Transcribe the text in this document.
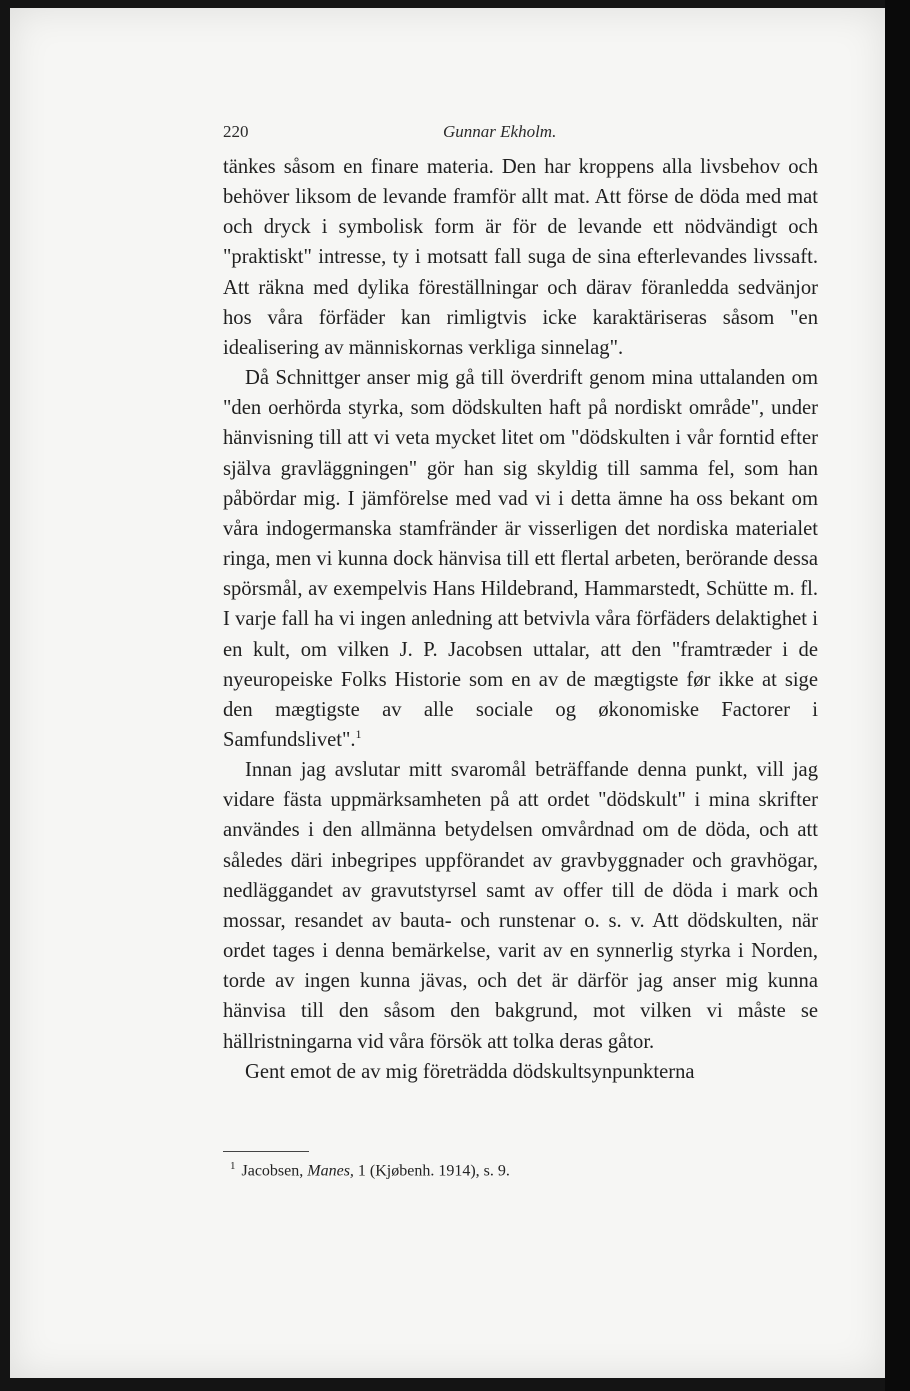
220	Gunnar Ekholm.

tänkes såsom en finare materia. Den har kroppens alla livsbehov och behöver liksom de levande framför allt mat. Att förse de döda med mat och dryck i symbolisk form är för de levande ett nödvändigt och "praktiskt" intresse, ty i motsatt fall suga de sina efterlevandes livssaft. Att räkna med dylika föreställningar och därav föranledda sedvänjor hos våra förfäder kan rimligtvis icke karaktäriseras såsom "en idealisering av människornas verkliga sinnelag".

Då Schnittger anser mig gå till överdrift genom mina uttalanden om "den oerhörda styrka, som dödskulten haft på nordiskt område", under hänvisning till att vi veta mycket litet om "dödskulten i vår forntid efter själva gravläggningen" gör han sig skyldig till samma fel, som han påbördar mig. I jämförelse med vad vi i detta ämne ha oss bekant om våra indogermanska stamfränder är visserligen det nordiska materialet ringa, men vi kunna dock hänvisa till ett flertal arbeten, berörande dessa spörsmål, av exempelvis Hans Hildebrand, Hammarstedt, Schütte m. fl. I varje fall ha vi ingen anledning att betvivla våra förfäders delaktighet i en kult, om vilken J. P. Jacobsen uttalar, att den "framtræder i de nyeuropeiske Folks Historie som en av de mægtigste før ikke at sige den mægtigste av alle sociale og økonomiske Factorer i Samfundslivet".$^1$

Innan jag avslutar mitt svaromål beträffande denna punkt, vill jag vidare fästa uppmärksamheten på att ordet "dödskult" i mina skrifter användes i den allmänna betydelsen omvårdnad om de döda, och att således däri inbegripes uppförandet av gravbyggnader och gravhögar, nedläggandet av gravutstyrsel samt av offer till de döda i mark och mossar, resandet av bauta- och runstenar o. s. v. Att dödskulten, när ordet tages i denna bemärkelse, varit av en synnerlig styrka i Norden, torde av ingen kunna jävas, och det är därför jag anser mig kunna hänvisa till den såsom den bakgrund, mot vilken vi måste se hällristningarna vid våra försök att tolka deras gåtor.

Gent emot de av mig företrädda dödskultsynpunkterna

$^1$ Jacobsen, Manes, 1 (Kjøbenh. 1914), s. 9.
